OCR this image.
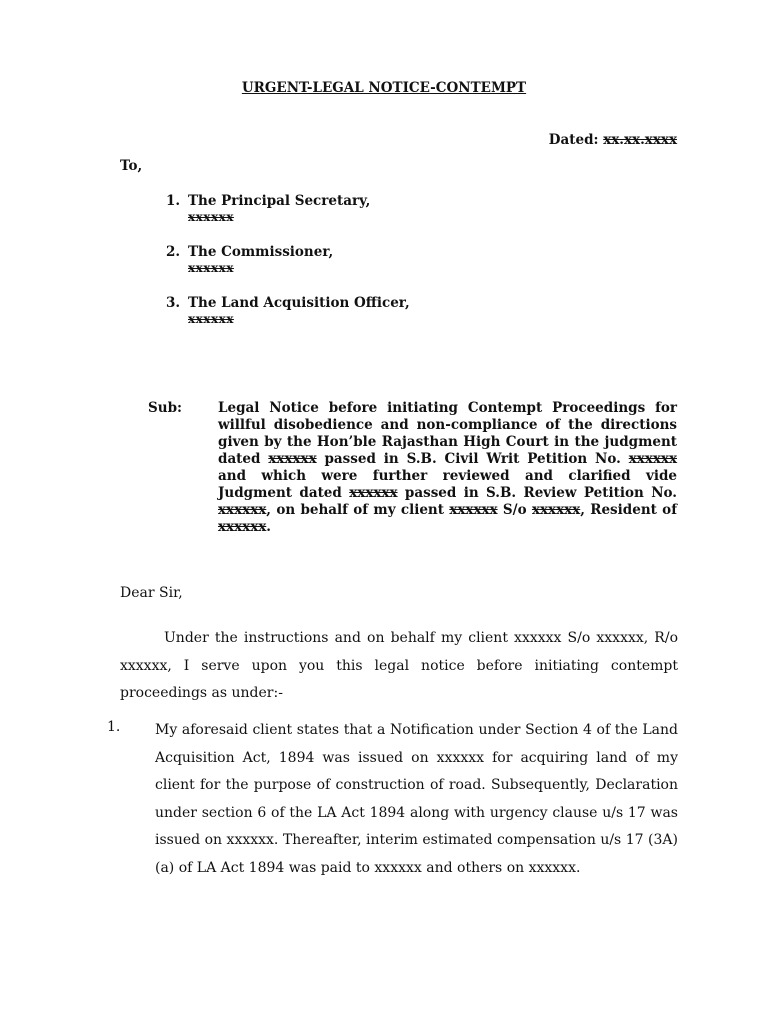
URGENT-LEGAL NOTICE-CONTEMPT
Dated: xx.xx.xxxx
To,
1. The Principal Secretary,
xxxxxx
2. The Commissioner,
xxxxxx
3. The Land Acquisition Officer,
xxxxxx
Sub:	Legal Notice before initiating Contempt Proceedings for willful disobedience and non-compliance of the directions given by the Hon’ble Rajasthan High Court in the judgment dated xxxxxx passed in S.B. Civil Writ Petition No. xxxxxx and which were further reviewed and clarified vide Judgment dated xxxxxx passed in S.B. Review Petition No. xxxxxx, on behalf of my client xxxxxx S/o xxxxxx, Resident of xxxxxx.
Dear Sir,
Under the instructions and on behalf my client xxxxxx S/o xxxxxx, R/o xxxxxx, I serve upon you this legal notice before initiating contempt proceedings as under:-
1. My aforesaid client states that a Notification under Section 4 of the Land Acquisition Act, 1894 was issued on xxxxxx for acquiring land of my client for the purpose of construction of road. Subsequently, Declaration under section 6 of the LA Act 1894 along with urgency clause u/s 17 was issued on xxxxxx. Thereafter, interim estimated compensation u/s 17 (3A) (a) of LA Act 1894 was paid to xxxxxx and others on xxxxxx.
